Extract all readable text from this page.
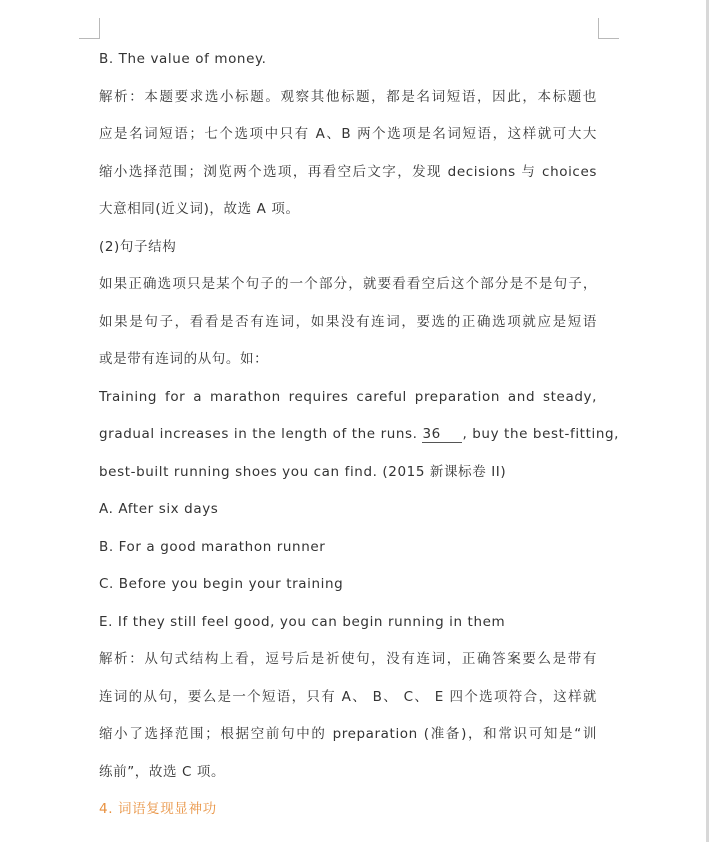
B. The value of money.
解析：本题要求选小标题。观察其他标题，都是名词短语，因此，本标题也
应是名词短语；七个选项中只有 A、B 两个选项是名词短语，这样就可大大
缩小选择范围；浏览两个选项，再看空后文字，发现 decisions 与 choices
大意相同(近义词)，故选 A 项。
(2)句子结构
如果正确选项只是某个句子的一个部分，就要看看空后这个部分是不是句子，
如果是句子，看看是否有连词，如果没有连词，要选的正确选项就应是短语
或是带有连词的从句。如：
Training for a marathon requires careful preparation and steady,
gradual increases in the length of the runs. 36 , buy the best-fitting,
best-built running shoes you can find. (2015 新课标卷 II)
A. After six days
B. For a good marathon runner
C. Before you begin your training
E. If they still feel good, you can begin running in them
解析：从句式结构上看，逗号后是祈使句，没有连词，正确答案要么是带有
连词的从句，要么是一个短语，只有 A、 B、 C、 E 四个选项符合，这样就
缩小了选择范围；根据空前句中的 preparation (准备)，和常识可知是“训
练前”，故选 C 项。
4. 词语复现显神功
